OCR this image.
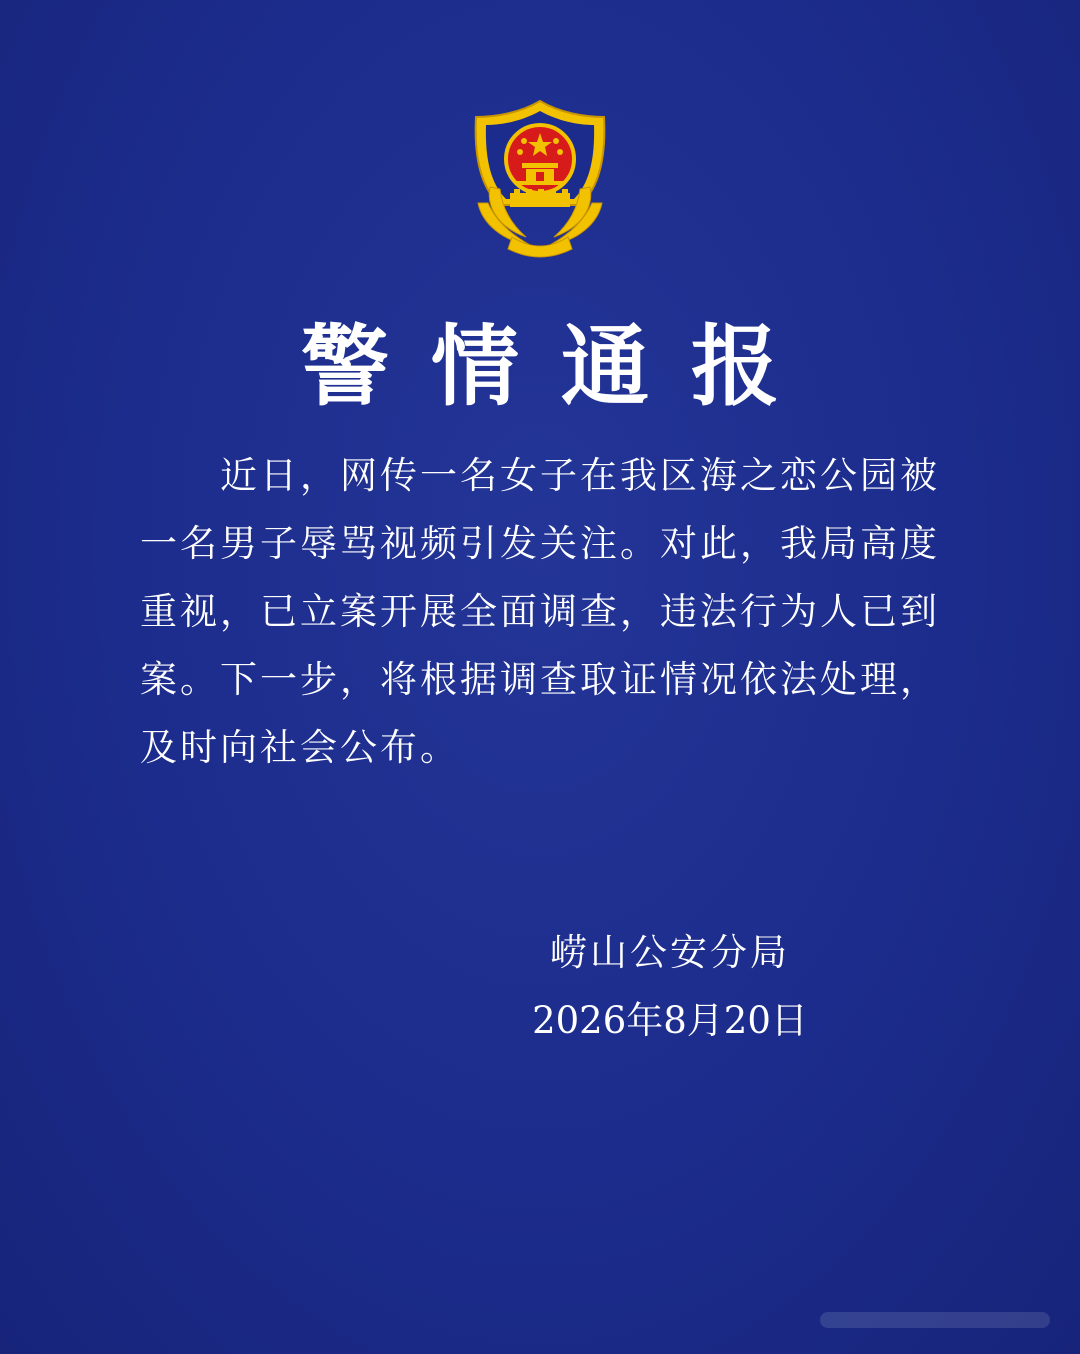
警情通报
近日，网传一名女子在我区海之恋公园被一名男子辱骂视频引发关注。对此，我局高度重视，已立案开展全面调查，违法行为人已到案。下一步，将根据调查取证情况依法处理，及时向社会公布。
崂山公安分局
2026年8月20日
